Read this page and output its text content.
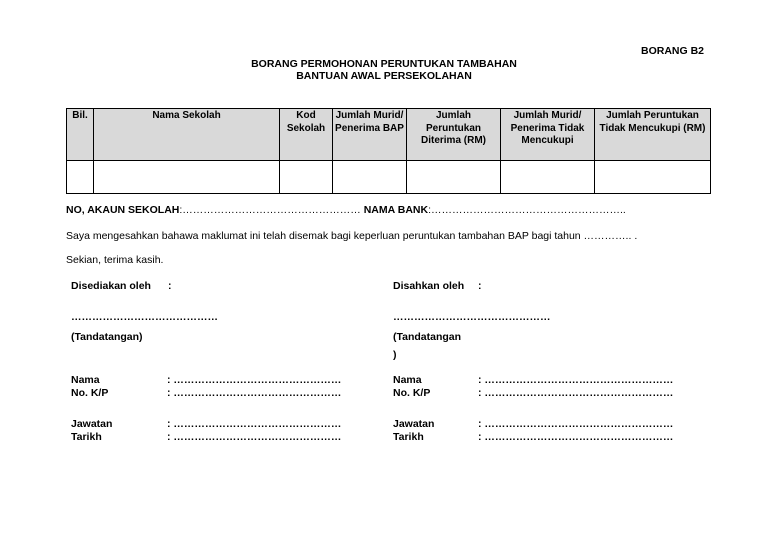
BORANG B2
BORANG PERMOHONAN PERUNTUKAN TAMBAHAN
BANTUAN AWAL PERSEKOLAHAN
Bil.	Nama Sekolah	Kod Sekolah	Jumlah Murid/ Penerima BAP	Jumlah Peruntukan Diterima (RM)	Jumlah Murid/ Penerima Tidak Mencukupi	Jumlah Peruntukan Tidak Mencukupi (RM)

NO, AKAUN SEKOLAH:…………………………………………… NAMA BANK:………………………………………………..
Saya mengesahkan bahawa maklumat ini telah disemak bagi keperluan peruntukan tambahan BAP bagi tahun ………….. .
Sekian, terima kasih.
Disediakan oleh :
……………………………………
(Tandatangan)
Nama	: …………………………………………
No. K/P	: …………………………………………
Jawatan	: …………………………………………
Tarikh	: …………………………………………
Disahkan oleh :
………………………………………
(Tandatangan
)
Nama	: ………………………………………………
No. K/P	: ………………………………………………
Jawatan	: ………………………………………………
Tarikh	: ………………………………………………
